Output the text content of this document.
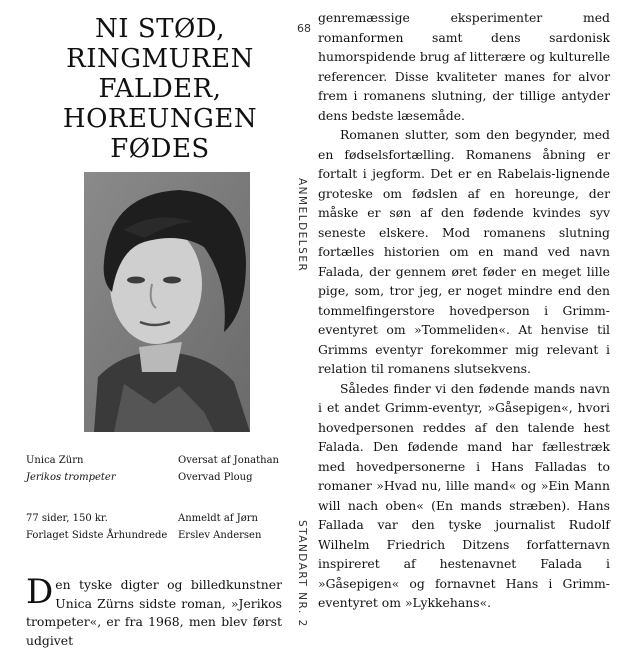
NI STØD,
RINGMUREN
FALDER,
HOREUNGEN
FØDES
Unica Zürn
Jerikos trompeter
Oversat af Jonathan
Overvad Ploug
77 sider, 150 kr.
Forlaget Sidste Århundrede
Anmeldt af Jørn
Erslev Andersen

Den tyske digter og billedkunstner Unica Zürns sidste roman, »Jerikos trompeter«, er fra 1968, men blev først udgivet

68
ANMELDELSER
STANDART NR. 2

genremæssige eksperimenter med romanformen samt dens sardonisk humorspidende brug af litterære og kulturelle referencer. Disse kvaliteter manes for alvor frem i romanens slutning, der tillige antyder dens bedste læsemåde.

Romanen slutter, som den begynder, med en fødselsfortælling. Romanens åbning er fortalt i jegform. Det er en Rabelais-lignende groteske om fødslen af en horeunge, der måske er søn af den fødende kvindes syv seneste elskere. Mod romanens slutning fortælles historien om en mand ved navn Falada, der gennem øret føder en meget lille pige, som, tror jeg, er noget mindre end den tommelfingerstore hovedperson i Grimm-eventyret om »Tommeliden«. At henvise til Grimms eventyr forekommer mig relevant i relation til romanens slutsekvens.

Således finder vi den fødende mands navn i et andet Grimm-eventyr, »Gåsepigen«, hvori hovedpersonen reddes af den talende hest Falada. Den fødende mand har fællestræk med hovedpersonerne i Hans Falladas to romaner »Hvad nu, lille mand« og »Ein Mann will nach oben« (En mands stræben). Hans Fallada var den tyske journalist Rudolf Wilhelm Friedrich Ditzens forfatternavn inspireret af hestenavnet Falada i »Gåsepigen« og fornavnet Hans i Grimm-eventyret om »Lykkehans«.
